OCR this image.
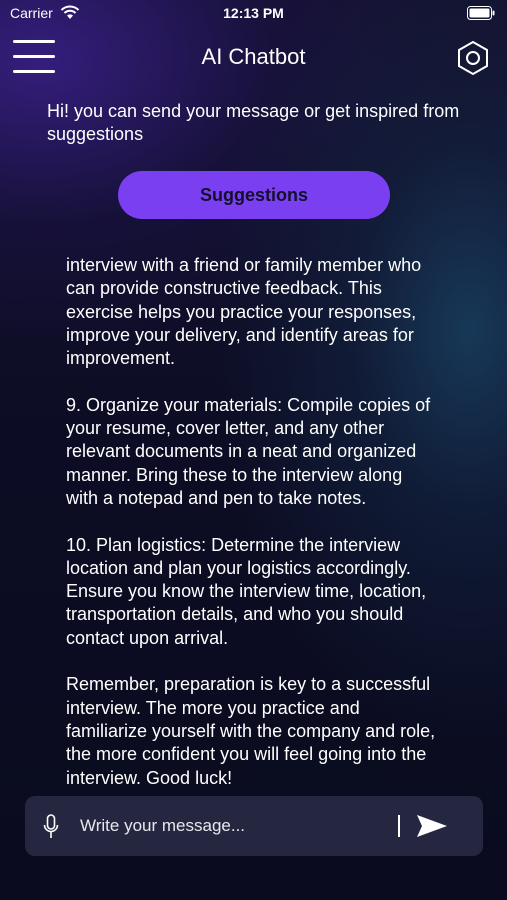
Carrier	12:13 PM
AI Chatbot
Hi! you can send your message or get inspired from suggestions
Suggestions

interview with a friend or family member who
can provide constructive feedback. This
exercise helps you practice your responses,
improve your delivery, and identify areas for
improvement.

9. Organize your materials: Compile copies of
your resume, cover letter, and any other
relevant documents in a neat and organized
manner. Bring these to the interview along
with a notepad and pen to take notes.

10. Plan logistics: Determine the interview
location and plan your logistics accordingly.
Ensure you know the interview time, location,
transportation details, and who you should
contact upon arrival.

Remember, preparation is key to a successful
interview. The more you practice and
familiarize yourself with the company and role,
the more confident you will feel going into the
interview. Good luck!

Write your message...
